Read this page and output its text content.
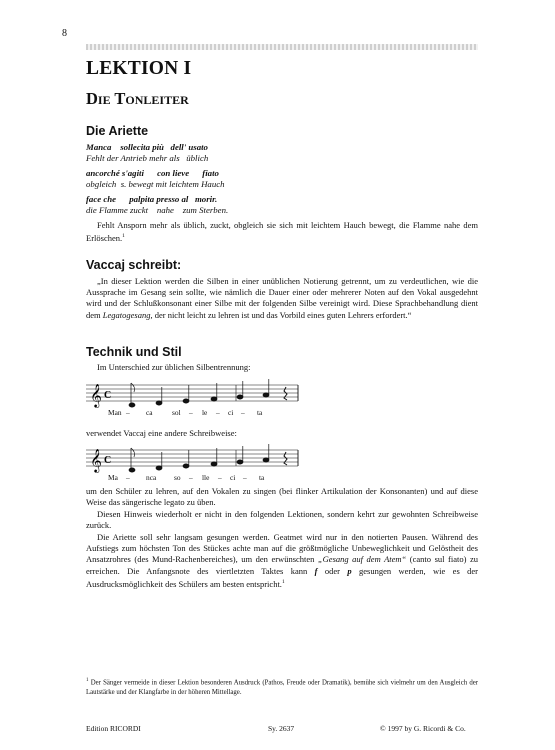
8
LEKTION I
Die Tonleiter
Die Ariette
Manca    sollecita più   dell' usato
Fehlt der Antrieb mehr als   üblich
ancorché s'agiti      con lieve      fiato
obgleich  s. bewegt mit leichtem Hauch
face che      palpita presso al   morir.
die Flamme zuckt    nahe    zum Sterben.
Fehlt Ansporn mehr als üblich, zuckt, obgleich sie sich mit leichtem Hauch bewegt, die Flamme nahe dem Erlöschen.$^1$
Vaccaj schreibt:
„In dieser Lektion werden die Silben in einer unüblichen Notierung getrennt, um zu verdeutlichen, wie die Aussprache im Gesang sein sollte, wie nämlich die Dauer einer oder mehrerer Noten auf den Vokal ausgedehnt wird und der Schlußkonsonant einer Silbe mit der folgenden Silbe vereinigt wird. Diese Sprachbehandlung dient dem Legatogesang, der nicht leicht zu lehren ist und das Vorbild eines guten Lehrers erfordert.“
Technik und Stil
Im Unterschied zur üblichen Silbentrennung:
𝄞 C
Man – ca	sol – le – ci – ta
verwendet Vaccaj eine andere Schreibweise:
𝄞 C
Ma – nca so – lle – ci – ta
um den Schüler zu lehren, auf den Vokalen zu singen (bei flinker Artikulation der Konsonanten) und auf diese Weise das sängerische legato zu üben.
Diesen Hinweis wiederholt er nicht in den folgenden Lektionen, sondern kehrt zur gewohnten Schreibweise zurück.
Die Ariette soll sehr langsam gesungen werden. Geatmet wird nur in den notierten Pausen. Während des Aufstiegs zum höchsten Ton des Stückes achte man auf die größtmögliche Unbeweglichkeit und Gelöstheit des Ansatzrohres (des Mund-Rachenbereiches), um den erwünschten „Gesang auf dem Atem“ (canto sul fiato) zu erreichen. Die Anfangsnote des viertletzten Taktes kann f oder p gesungen werden, wie es der Ausdrucksmöglichkeit des Schülers am besten entspricht.$^1$
$^1$ Der Sänger vermeide in dieser Lektion besonderen Ausdruck (Pathos, Freude oder Dramatik), bemühe sich vielmehr um den Ausgleich der Lautstärke und der Klangfarbe in der höheren Mittellage.
Edition RICORDI	Sy. 2637	© 1997 by G. Ricordi & Co.
